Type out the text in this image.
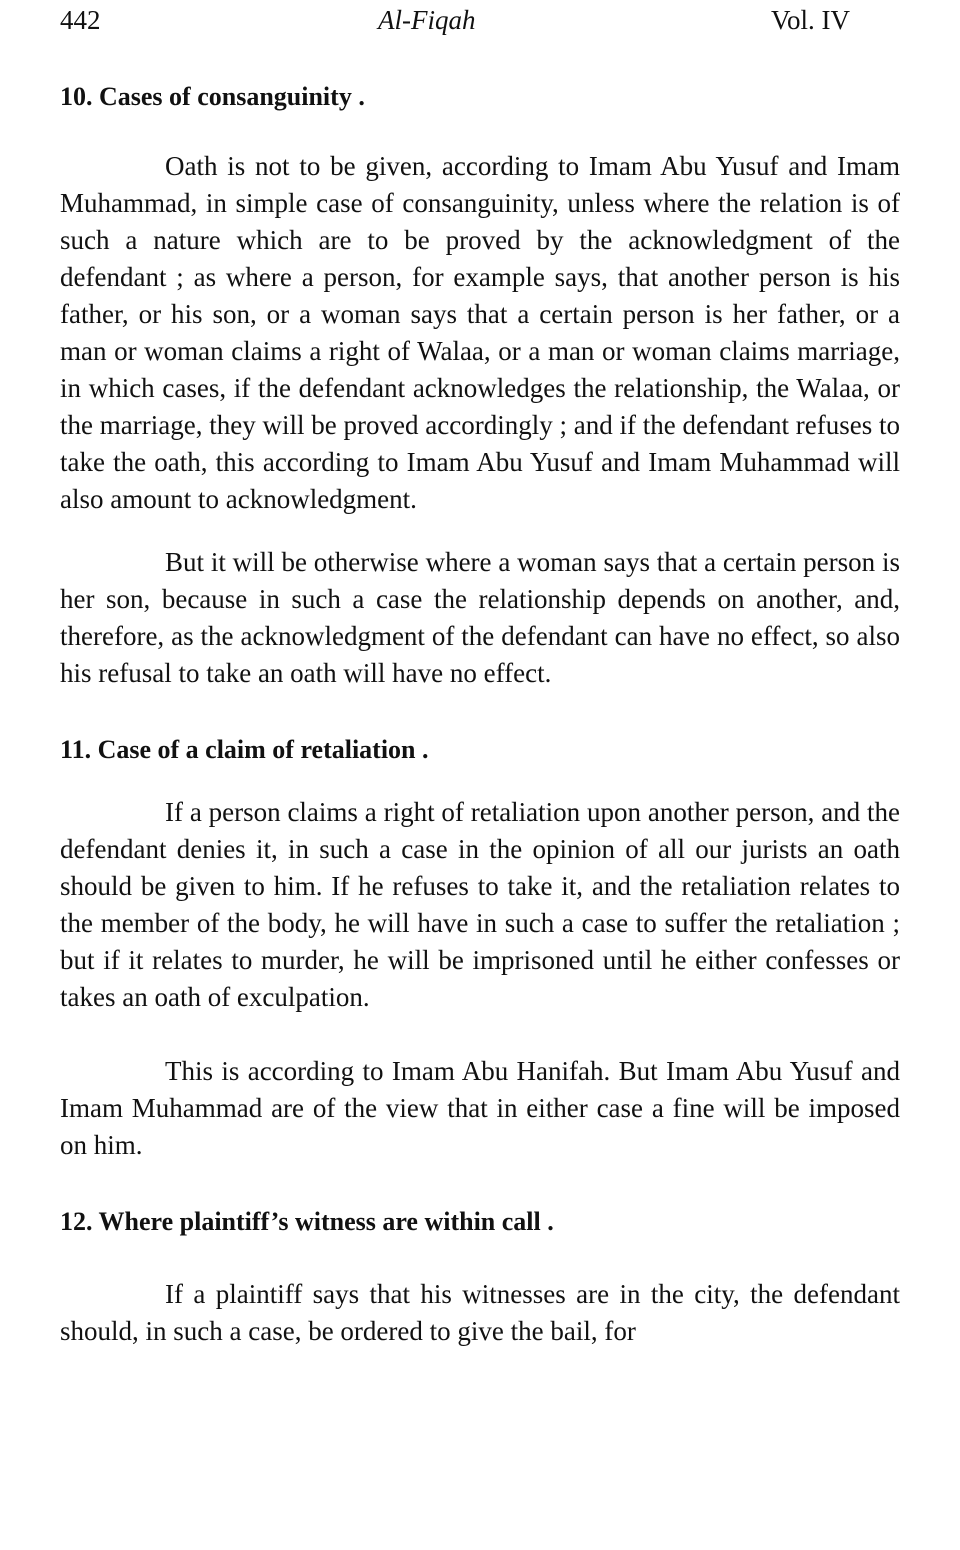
442	Al-Fiqah	Vol. IV
10. Cases of consanguinity .

Oath is not to be given, according to Imam Abu Yusuf and Imam Muhammad, in simple case of consanguinity, unless where the relation is of such a nature which are to be proved by the acknowledgment of the defendant ; as where a person, for example says, that another person is his father, or his son, or a woman says that a certain person is her father, or a man or woman claims a right of Walaa, or a man or woman claims marriage, in which cases, if the defendant acknowledges the relationship, the Walaa, or the marriage, they will be proved accordingly ; and if the defendant refuses to take the oath, this according to Imam Abu Yusuf and Imam Muhammad will also amount to acknowledgment.

But it will be otherwise where a woman says that a certain person is her son, because in such a case the relationship depends on another, and, therefore, as the acknowledgment of the defendant can have no effect, so also his refusal to take an oath will have no effect.

11. Case of a claim of retaliation .

If a person claims a right of retaliation upon another person, and the defendant denies it, in such a case in the opinion of all our jurists an oath should be given to him. If he refuses to take it, and the retaliation relates to the member of the body, he will have in such a case to suffer the retaliation ; but if it relates to murder, he will be imprisoned until he either confesses or takes an oath of exculpation.

This is according to Imam Abu Hanifah. But Imam Abu Yusuf and Imam Muhammad are of the view that in either case a fine will be imposed on him.

12. Where plaintiff’s witness are within call .

If a plaintiff says that his witnesses are in the city, the defendant should, in such a case, be ordered to give the bail, for
